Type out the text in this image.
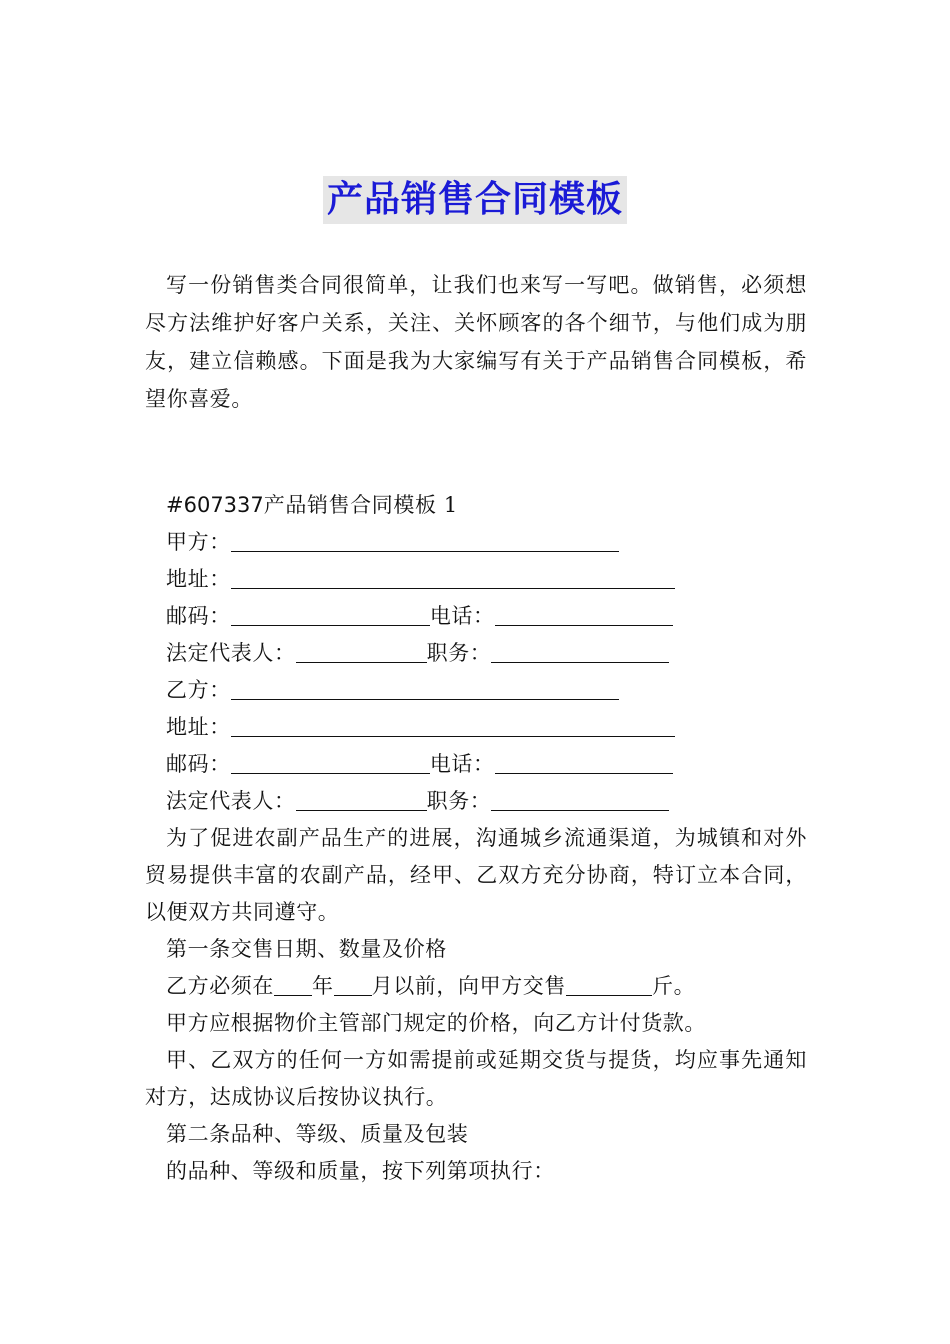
产品销售合同模板

写一份销售类合同很简单，让我们也来写一写吧。做销售，必须想尽方法维护好客户关系，关注、关怀顾客的各个细节，与他们成为朋友，建立信赖感。下面是我为大家编写有关于产品销售合同模板，希望你喜爱。

#607337产品销售合同模板 1
甲方：
地址：
邮码：	电话：
法定代表人：	职务：
乙方：
地址：
邮码：	电话：
法定代表人：	职务：

为了促进农副产品生产的进展，沟通城乡流通渠道，为城镇和对外贸易提供丰富的农副产品，经甲、乙双方充分协商，特订立本合同，以便双方共同遵守。

第一条交售日期、数量及价格
乙方必须在 年 月以前，向甲方交售	斤。
甲方应根据物价主管部门规定的价格，向乙方计付货款。

甲、乙双方的任何一方如需提前或延期交货与提货，均应事先通知对方，达成协议后按协议执行。

第二条品种、等级、质量及包装
的品种、等级和质量，按下列第项执行：
